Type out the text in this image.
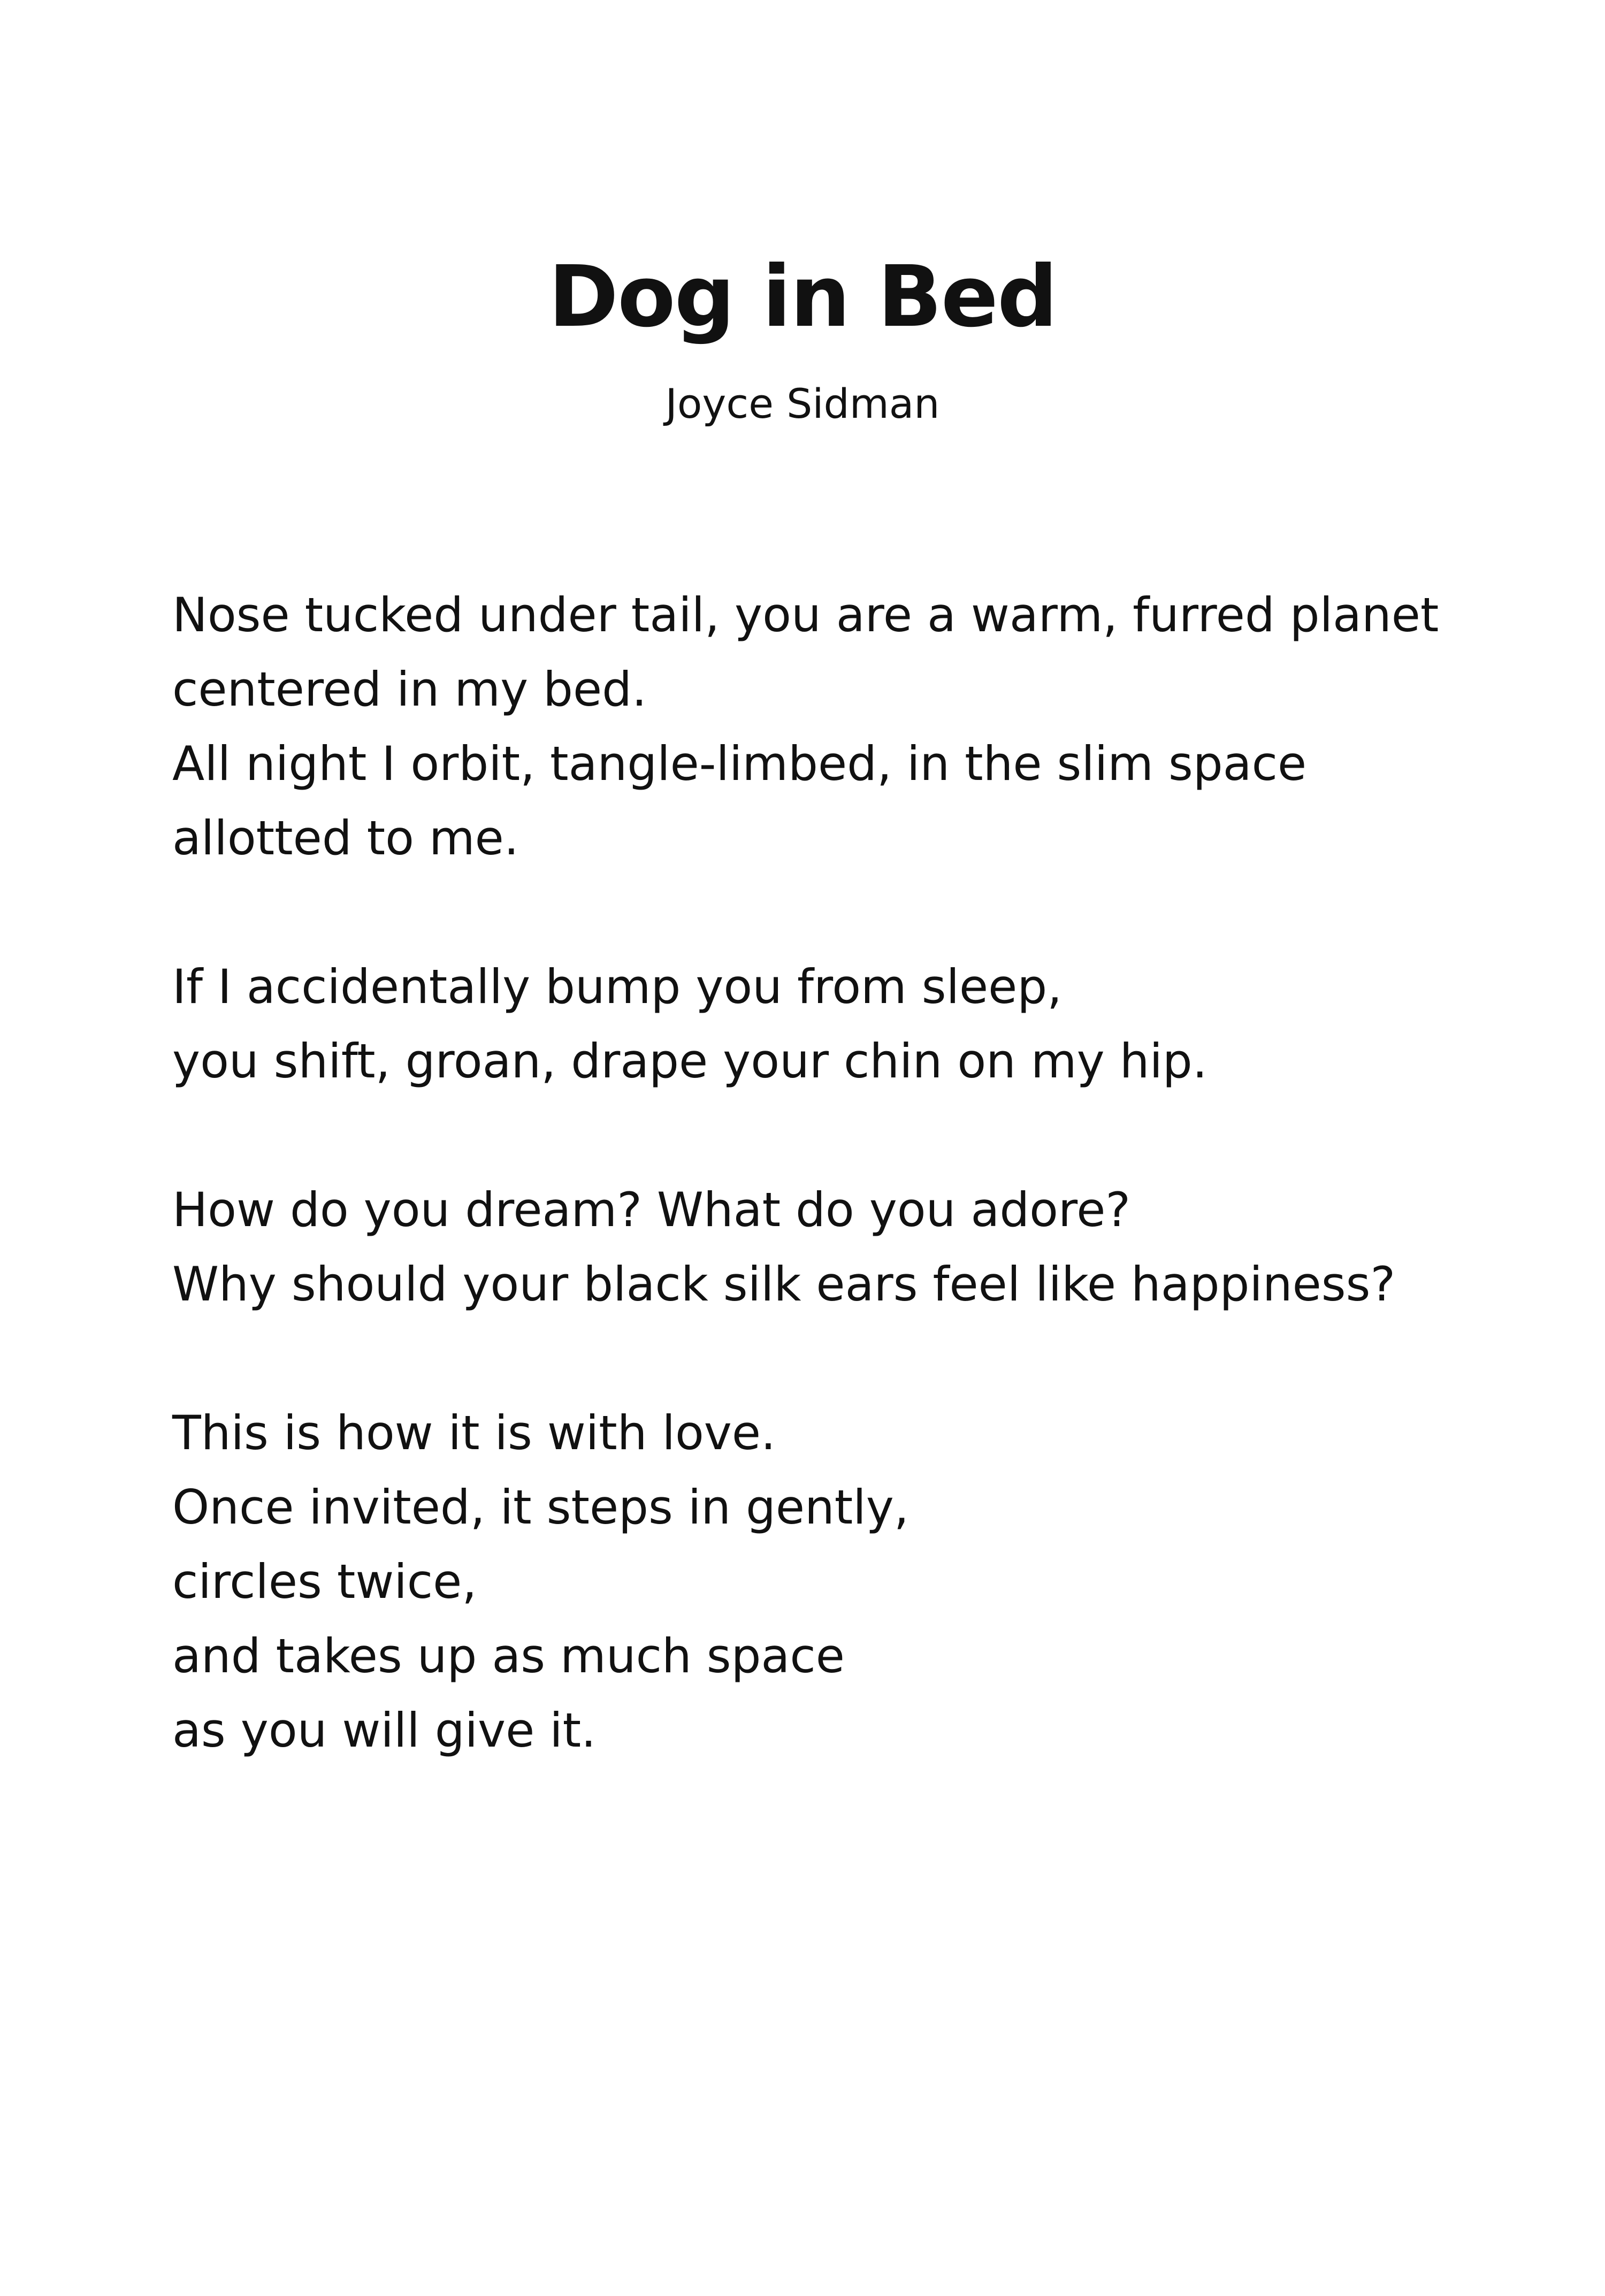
Dog in Bed

Joyce Sidman

Nose tucked under tail, you are a warm, furred planet
centered in my bed.
All night I orbit, tangle-limbed, in the slim space
allotted to me.
If I accidentally bump you from sleep,
you shift, groan, drape your chin on my hip.
How do you dream? What do you adore?
Why should your black silk ears feel like happiness?
This is how it is with love.
Once invited, it steps in gently,
circles twice,
and takes up as much space
as you will give it.
